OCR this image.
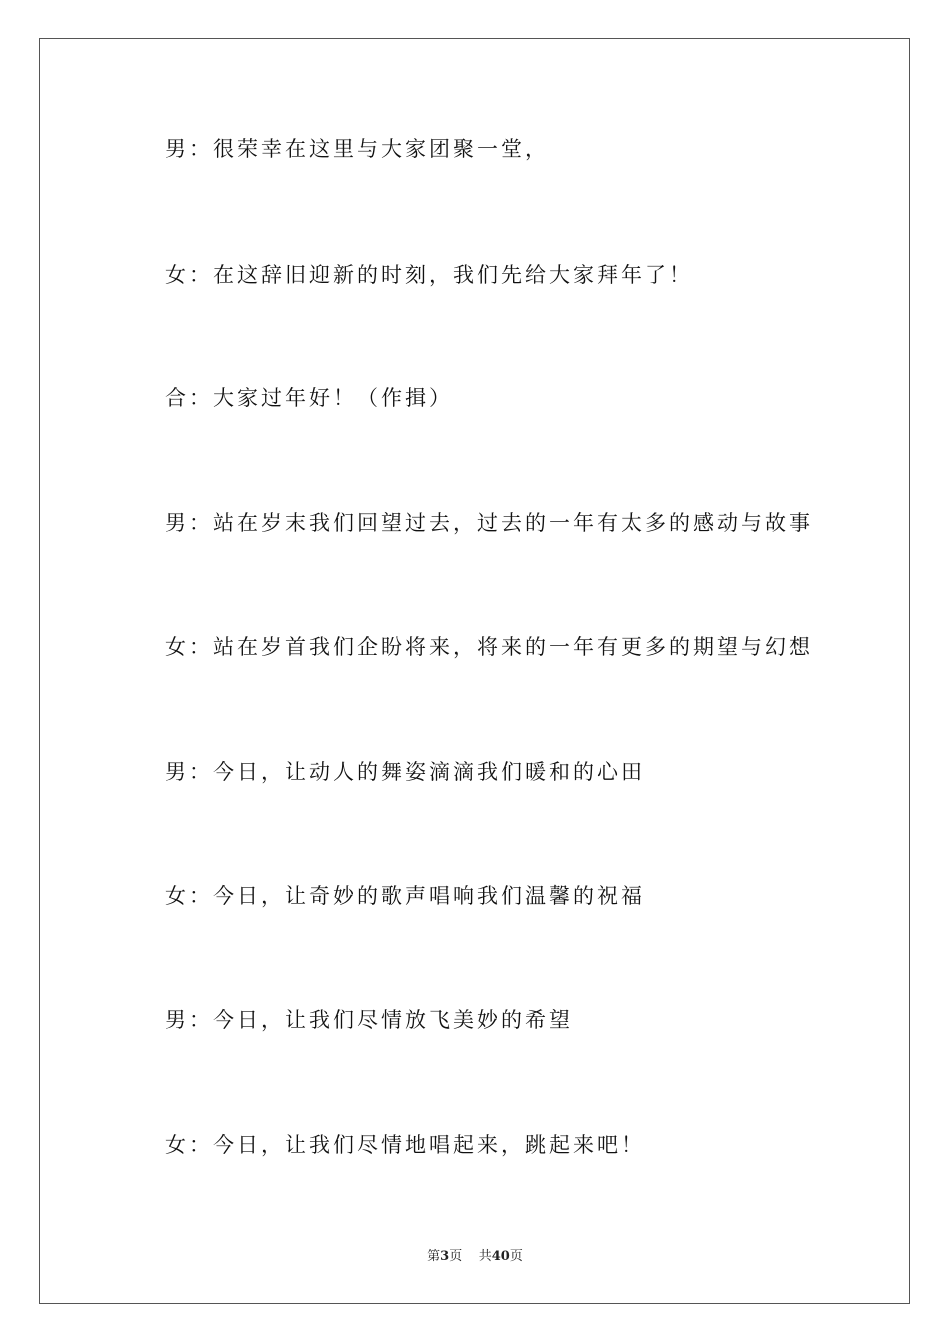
男：很荣幸在这里与大家团聚一堂，
女：在这辞旧迎新的时刻，我们先给大家拜年了！
合：大家过年好！（作揖）
男：站在岁末我们回望过去，过去的一年有太多的感动与故事
女：站在岁首我们企盼将来，将来的一年有更多的期望与幻想
男：今日，让动人的舞姿滴滴我们暖和的心田
女：今日，让奇妙的歌声唱响我们温馨的祝福
男：今日，让我们尽情放飞美妙的希望
女：今日，让我们尽情地唱起来，跳起来吧！
第3页 共40页
